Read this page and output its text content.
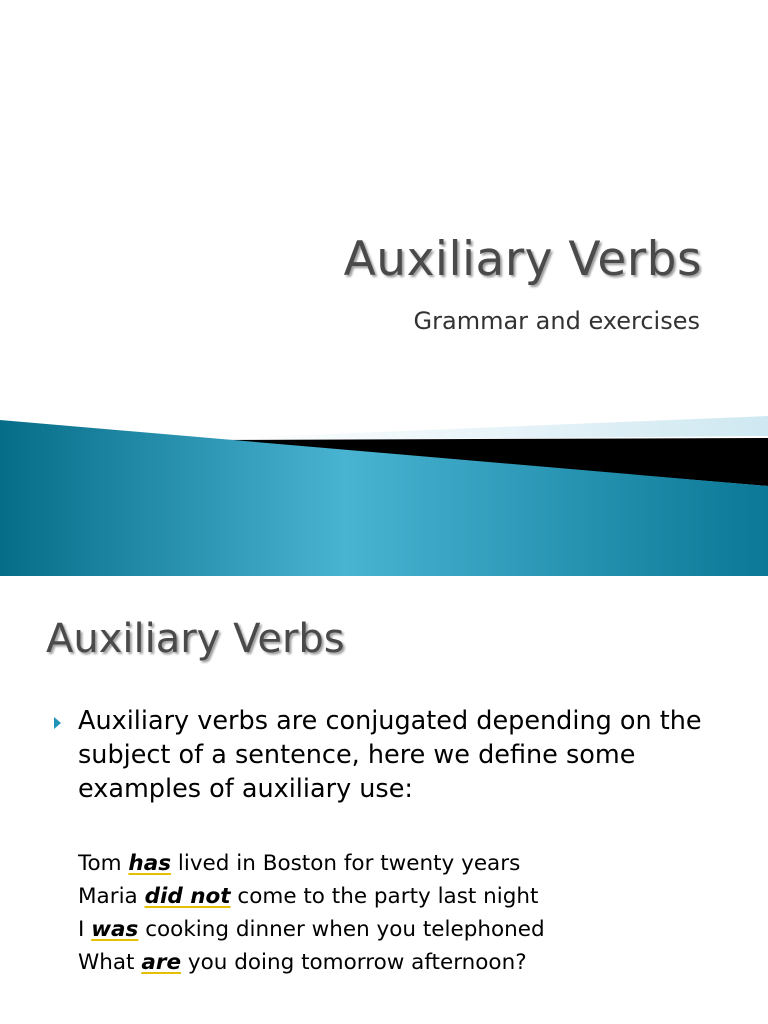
Auxiliary Verbs
Grammar and exercises
Auxiliary Verbs
Auxiliary verbs are conjugated depending on the subject of a sentence, here we define some examples of auxiliary use:
Tom has lived in Boston for twenty years
Maria did not come to the party last night
I was cooking dinner when you telephoned
What are you doing tomorrow afternoon?
